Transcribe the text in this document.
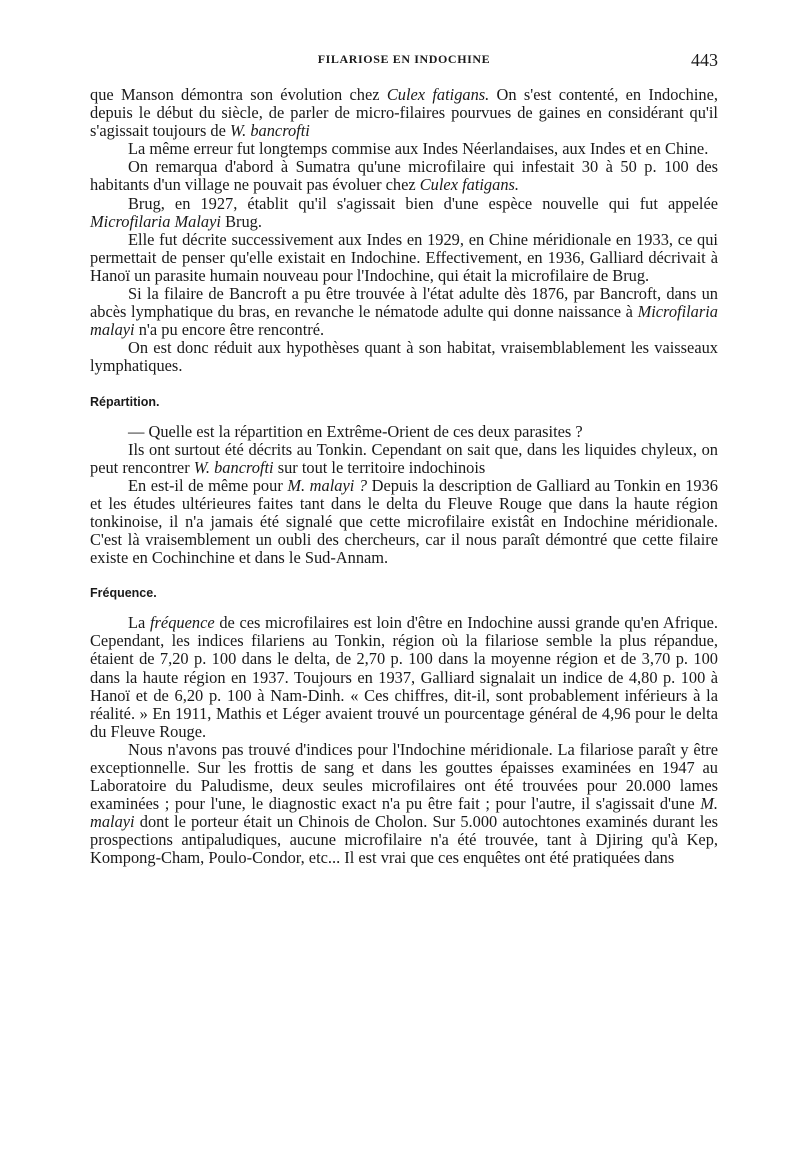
FILARIOSE EN INDOCHINE	443

que Manson démontra son évolution chez Culex fatigans. On s'est contenté, en Indochine, depuis le début du siècle, de parler de micro-filaires pourvues de gaines en considérant qu'il s'agissait toujours de W. bancrofti

La même erreur fut longtemps commise aux Indes Néerlandaises, aux Indes et en Chine.

On remarqua d'abord à Sumatra qu'une microfilaire qui infestait 30 à 50 p. 100 des habitants d'un village ne pouvait pas évoluer chez Culex fatigans.

Brug, en 1927, établit qu'il s'agissait bien d'une espèce nouvelle qui fut appelée Microfilaria Malayi Brug.

Elle fut décrite successivement aux Indes en 1929, en Chine méridionale en 1933, ce qui permettait de penser qu'elle existait en Indochine. Effectivement, en 1936, Galliard décrivait à Hanoï un parasite humain nouveau pour l'Indochine, qui était la microfilaire de Brug.

Si la filaire de Bancroft a pu être trouvée à l'état adulte dès 1876, par Bancroft, dans un abcès lymphatique du bras, en revanche le nématode adulte qui donne naissance à Microfilaria malayi n'a pu encore être rencontré.

On est donc réduit aux hypothèses quant à son habitat, vraisemblablement les vaisseaux lymphatiques.

Répartition.

— Quelle est la répartition en Extrême-Orient de ces deux parasites ?

Ils ont surtout été décrits au Tonkin. Cependant on sait que, dans les liquides chyleux, on peut rencontrer W. bancrofti sur tout le territoire indochinois

En est-il de même pour M. malayi ? Depuis la description de Galliard au Tonkin en 1936 et les études ultérieures faites tant dans le delta du Fleuve Rouge que dans la haute région tonkinoise, il n'a jamais été signalé que cette microfilaire existât en Indochine méridionale. C'est là vraisemblement un oubli des chercheurs, car il nous paraît démontré que cette filaire existe en Cochinchine et dans le Sud-Annam.

Fréquence.

La fréquence de ces microfilaires est loin d'être en Indochine aussi grande qu'en Afrique. Cependant, les indices filariens au Tonkin, région où la filariose semble la plus répandue, étaient de 7,20 p. 100 dans le delta, de 2,70 p. 100 dans la moyenne région et de 3,70 p. 100 dans la haute région en 1937. Toujours en 1937, Galliard signalait un indice de 4,80 p. 100 à Hanoï et de 6,20 p. 100 à Nam-Dinh. « Ces chiffres, dit-il, sont probablement inférieurs à la réalité. » En 1911, Mathis et Léger avaient trouvé un pourcentage général de 4,96 pour le delta du Fleuve Rouge.

Nous n'avons pas trouvé d'indices pour l'Indochine méridionale. La filariose paraît y être exceptionnelle. Sur les frottis de sang et dans les gouttes épaisses examinées en 1947 au Laboratoire du Paludisme, deux seules microfilaires ont été trouvées pour 20.000 lames examinées ; pour l'une, le diagnostic exact n'a pu être fait ; pour l'autre, il s'agissait d'une M. malayi dont le porteur était un Chinois de Cholon. Sur 5.000 autochtones examinés durant les prospections antipaludiques, aucune microfilaire n'a été trouvée, tant à Djiring qu'à Kep, Kompong-Cham, Poulo-Condor, etc... Il est vrai que ces enquêtes ont été pratiquées dans
